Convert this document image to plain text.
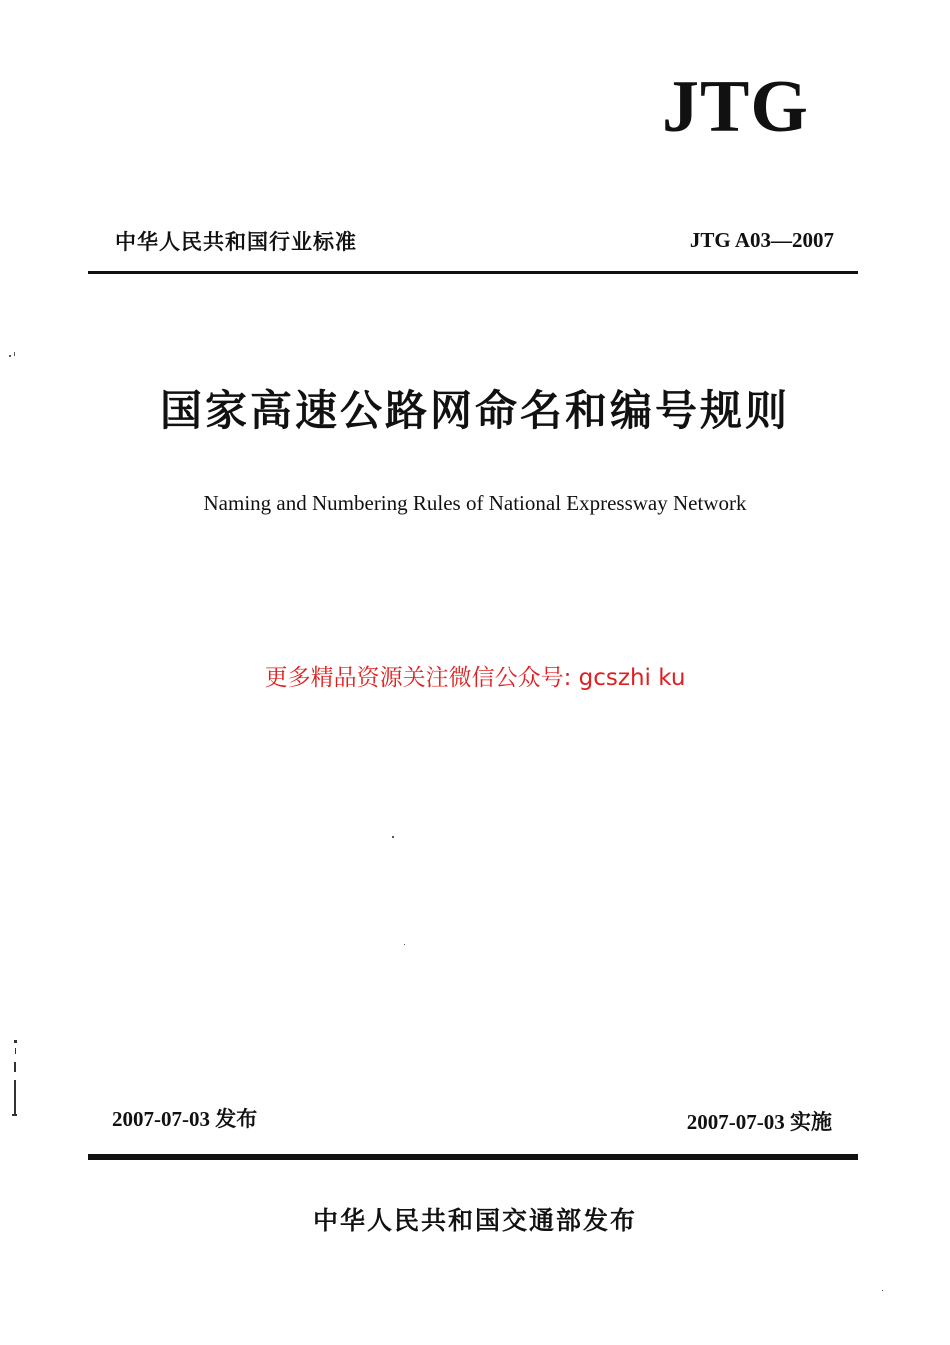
JTG
中华人民共和国行业标准	JTG A03—2007
国家高速公路网命名和编号规则
Naming and Numbering Rules of National Expressway Network
更多精品资源关注微信公众号: gcszhi ku
2007-07-03 发布	2007-07-03 实施
中华人民共和国交通部发布
